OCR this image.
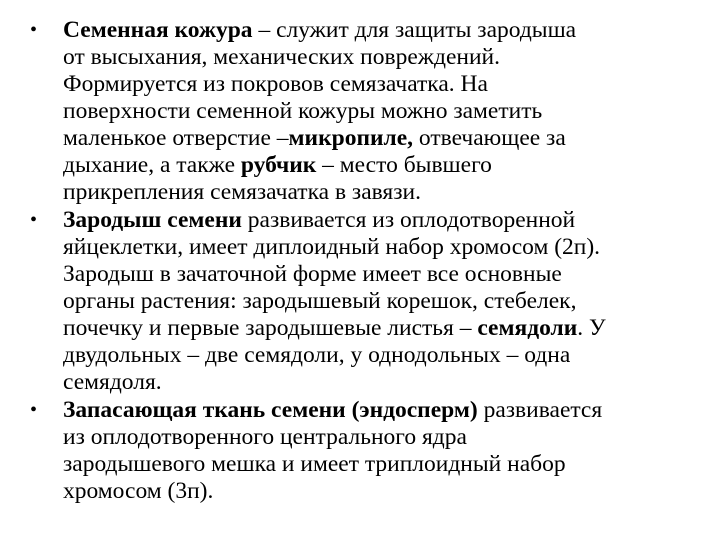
•	Семенная кожура – служит для защиты зародыша
от высыхания, механических повреждений.
Формируется из покровов семязачатка. На
поверхности семенной кожуры можно заметить
маленькое отверстие –микропиле, отвечающее за
дыхание, а также рубчик – место бывшего
прикрепления семязачатка в завязи.
•	Зародыш семени развивается из оплодотворенной
яйцеклетки, имеет диплоидный набор хромосом (2п).
Зародыш в зачаточной форме имеет все основные
органы растения: зародышевый корешок, стебелек,
почечку и первые зародышевые листья – семядоли. У
двудольных – две семядоли, у однодольных – одна
семядоля.
•	Запасающая ткань семени (эндосперм) развивается
из оплодотворенного центрального ядра
зародышевого мешка и имеет триплоидный набор
хромосом (3п).
